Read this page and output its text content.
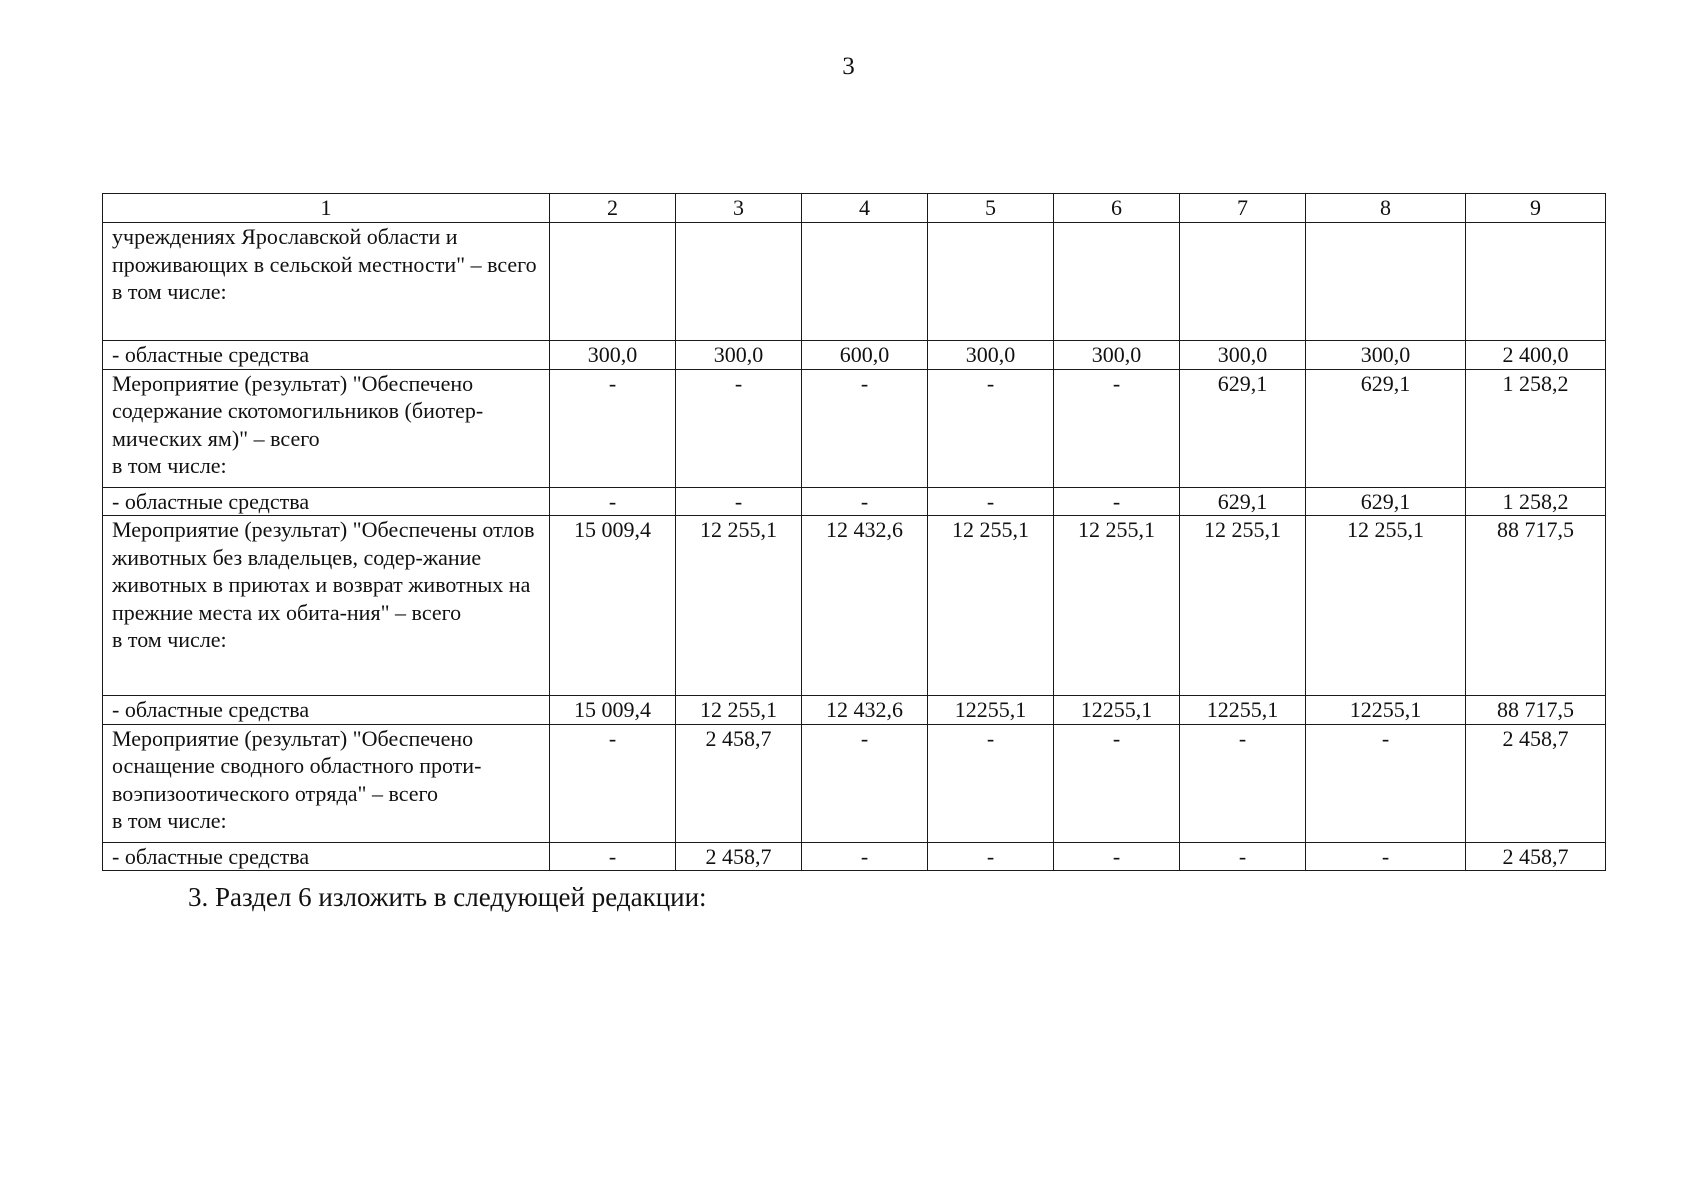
3
1	2	3	4	5	6	7	8	9
учреждениях Ярославской области и проживающих в сельской местности" – всего
в том числе:								
- областные средства	300,0	300,0	600,0	300,0	300,0	300,0	300,0	2 400,0
Мероприятие (результат) "Обеспечено содержание скотомогильников (биотер-мических ям)" – всего
в том числе:	-	-	-	-	-	629,1	629,1	1 258,2
- областные средства	-	-	-	-	-	629,1	629,1	1 258,2
Мероприятие (результат) "Обеспечены отлов животных без владельцев, содер-жание животных в приютах и возврат животных на прежние места их обита-ния" – всего
в том числе:	15 009,4	12 255,1	12 432,6	12 255,1	12 255,1	12 255,1	12 255,1	88 717,5
- областные средства	15 009,4	12 255,1	12 432,6	12255,1	12255,1	12255,1	12255,1	88 717,5
Мероприятие (результат) "Обеспечено оснащение сводного областного проти-воэпизоотического отряда" – всего
в том числе:	-	2 458,7	-	-	-	-	-	2 458,7
- областные средства	-	2 458,7	-	-	-	-	-	2 458,7
3. Раздел 6 изложить в следующей редакции:
